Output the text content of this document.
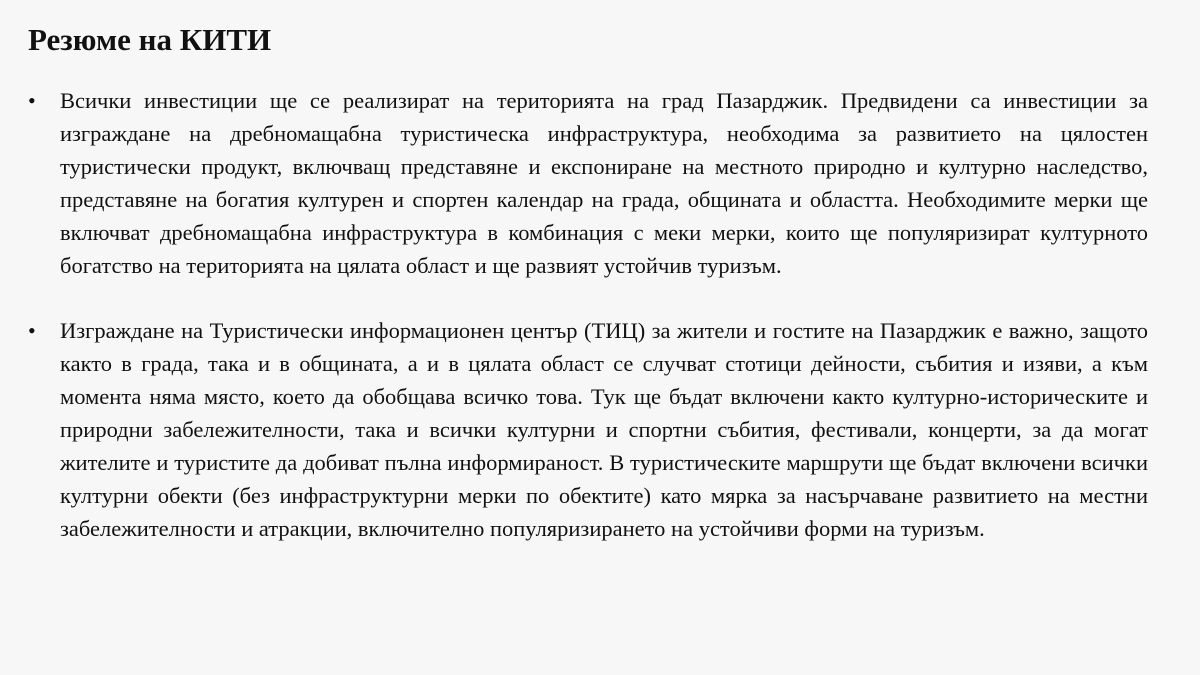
Резюме на КИТИ
• Всички инвестиции ще се реализират на територията на град Пазарджик. Предвидени са инвестиции за изграждане на дребномащабна туристическа инфраструктура, необходима за развитието на цялостен туристически продукт, включващ представяне и експониране на местното природно и културно наследство, представяне на богатия културен и спортен календар на града, общината и областта. Необходимите мерки ще включват дребномащабна инфраструктура в комбинация с меки мерки, които ще популяризират културното богатство на територията на цялата област и ще развият устойчив туризъм.
• Изграждане на Туристически информационен център (ТИЦ) за жители и гостите на Пазарджик е важно, защото както в града, така и в общината, а и в цялата област се случват стотици дейности, събития и изяви, а към момента няма място, което да обобщава всичко това. Тук ще бъдат включени както културно-историческите и природни забележителности, така и всички културни и спортни събития, фестивали, концерти, за да могат жителите и туристите да добиват пълна информираност. В туристическите маршрути ще бъдат включени всички културни обекти (без инфраструктурни мерки по обектите) като мярка за насърчаване развитието на местни забележителности и атракции, включително популяризирането на устойчиви форми на туризъм.
